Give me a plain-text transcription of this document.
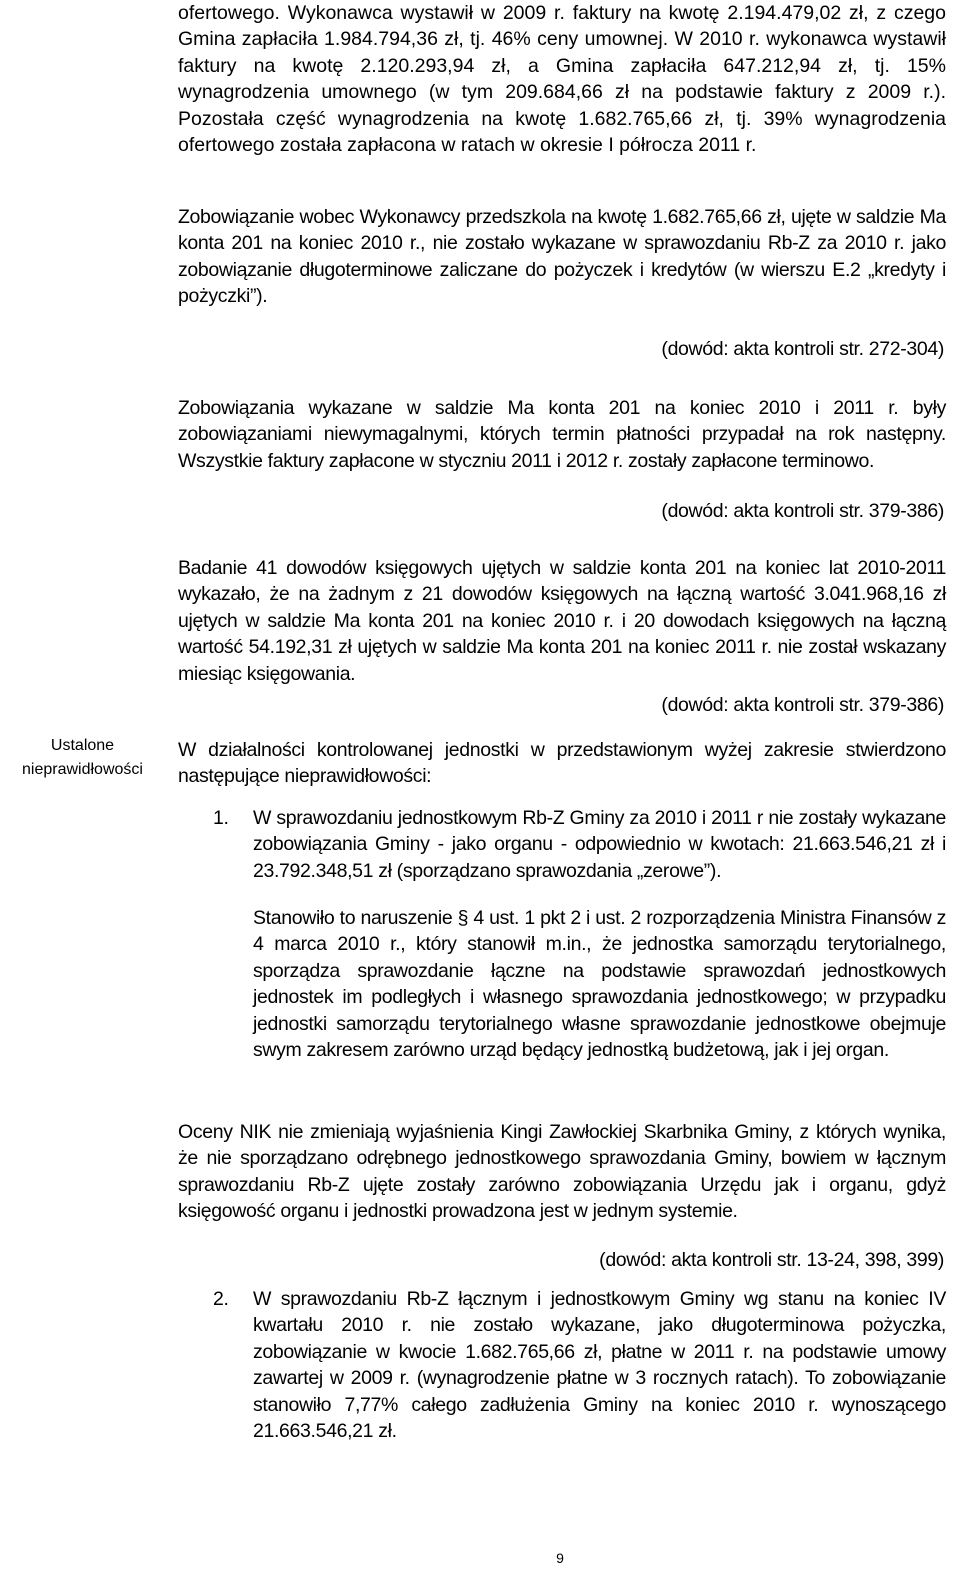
ofertowego. Wykonawca wystawił w 2009 r. faktury na kwotę 2.194.479,02 zł, z czego Gmina zapłaciła 1.984.794,36 zł, tj. 46% ceny umownej. W 2010 r. wykonawca wystawił faktury na kwotę 2.120.293,94 zł, a Gmina zapłaciła 647.212,94 zł, tj. 15% wynagrodzenia umownego (w tym 209.684,66 zł na podstawie faktury z 2009 r.). Pozostała część wynagrodzenia na kwotę 1.682.765,66 zł, tj. 39% wynagrodzenia ofertowego została zapłacona w ratach w okresie I półrocza 2011 r.

Zobowiązanie wobec Wykonawcy przedszkola na kwotę 1.682.765,66 zł, ujęte w saldzie Ma konta 201 na koniec 2010 r., nie zostało wykazane w sprawozdaniu Rb-Z za 2010 r. jako zobowiązanie długoterminowe zaliczane do pożyczek i kredytów (w wierszu E.2 „kredyty i pożyczki”).

(dowód: akta kontroli str. 272-304)

Zobowiązania wykazane w saldzie Ma konta 201 na koniec 2010 i 2011 r. były zobowiązaniami niewymagalnymi, których termin płatności przypadał na rok następny. Wszystkie faktury zapłacone w styczniu 2011 i 2012 r. zostały zapłacone terminowo.

(dowód: akta kontroli str. 379-386)

Badanie 41 dowodów księgowych ujętych w saldzie konta 201 na koniec lat 2010-2011 wykazało, że na żadnym z 21 dowodów księgowych na łączną wartość 3.041.968,16 zł ujętych w saldzie Ma konta 201 na koniec 2010 r. i 20 dowodach księgowych na łączną wartość 54.192,31 zł ujętych w saldzie Ma konta 201 na koniec 2011 r. nie został wskazany miesiąc księgowania.

(dowód: akta kontroli str. 379-386)
Ustalone nieprawidłowości

W działalności kontrolowanej jednostki w przedstawionym wyżej zakresie stwierdzono następujące nieprawidłowości:

1. W sprawozdaniu jednostkowym Rb-Z Gminy za 2010 i 2011 r nie zostały wykazane zobowiązania Gminy - jako organu - odpowiednio w kwotach: 21.663.546,21 zł i 23.792.348,51 zł (sporządzano sprawozdania „zerowe”).
Stanowiło to naruszenie § 4 ust. 1 pkt 2 i ust. 2 rozporządzenia Ministra Finansów z 4 marca 2010 r., który stanowił m.in., że jednostka samorządu terytorialnego, sporządza sprawozdanie łączne na podstawie sprawozdań jednostkowych jednostek im podległych i własnego sprawozdania jednostkowego; w przypadku jednostki samorządu terytorialnego własne sprawozdanie jednostkowe obejmuje swym zakresem zarówno urząd będący jednostką budżetową, jak i jej organ.

Oceny NIK nie zmieniają wyjaśnienia Kingi Zawłockiej Skarbnika Gminy, z których wynika, że nie sporządzano odrębnego jednostkowego sprawozdania Gminy, bowiem w łącznym sprawozdaniu Rb-Z ujęte zostały zarówno zobowiązania Urzędu jak i organu, gdyż księgowość organu i jednostki prowadzona jest w jednym systemie.

(dowód: akta kontroli str. 13-24, 398, 399)
2. W sprawozdaniu Rb-Z łącznym i jednostkowym Gminy wg stanu na koniec IV kwartału 2010 r. nie zostało wykazane, jako długoterminowa pożyczka, zobowiązanie w kwocie 1.682.765,66 zł, płatne w 2011 r. na podstawie umowy zawartej w 2009 r. (wynagrodzenie płatne w 3 rocznych ratach). To zobowiązanie stanowiło 7,77% całego zadłużenia Gminy na koniec 2010 r. wynoszącego 21.663.546,21 zł.
9
